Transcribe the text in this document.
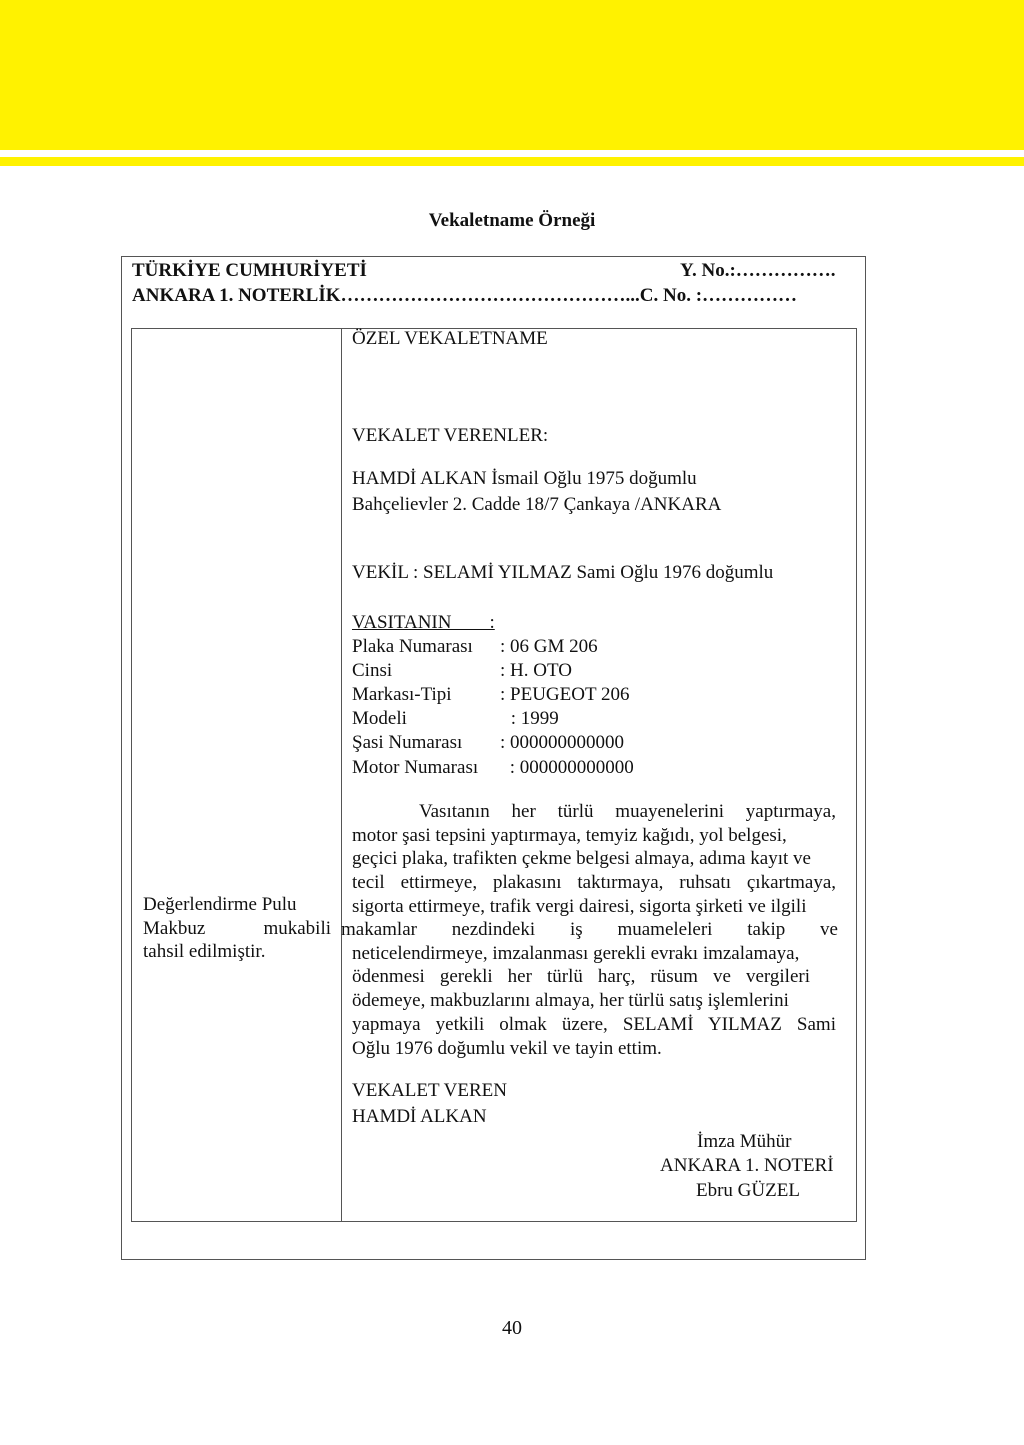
Vekaletname Örneği
TÜRKİYE CUMHURİYETİ	Y. No.:…………….
ANKARA 1. NOTERLİK………………………………………...C. No. :……………
Değerlendirme Pulu
Makbuz mukabili
tahsil edilmiştir.
ÖZEL VEKALETNAME
VEKALET VERENLER:
HAMDİ ALKAN İsmail Oğlu 1975 doğumlu
Bahçelievler 2. Cadde 18/7 Çankaya /ANKARA
VEKİL : SELAMİ YILMAZ Sami Oğlu 1976 doğumlu
VASITANIN        :
Plaka Numarası : 06 GM 206
Cinsi	: H. OTO
Markası-Tipi	: PEUGEOT 206
Modeli	: 1999
Şasi Numarası : 000000000000
Motor Numarası : 000000000000
Vasıtanın her türlü muayenelerini yaptırmaya,
motor şasi tepsini yaptırmaya, temyiz kağıdı, yol belgesi,
geçici plaka, trafikten çekme belgesi almaya, adıma kayıt ve
tecil ettirmeye, plakasını taktırmaya, ruhsatı çıkartmaya,
sigorta ettirmeye, trafik vergi dairesi, sigorta şirketi ve ilgili
makamlar nezdindeki iş muameleleri takip ve
neticelendirmeye, imzalanması gerekli evrakı imzalamaya,
ödenmesi gerekli her türlü harç, rüsum ve vergileri
ödemeye, makbuzlarını almaya, her türlü satış işlemlerini
yapmaya yetkili olmak üzere, SELAMİ YILMAZ Sami
Oğlu 1976 doğumlu vekil ve tayin ettim.
VEKALET VEREN
HAMDİ ALKAN
İmza Mühür
ANKARA 1. NOTERİ
Ebru GÜZEL
40
